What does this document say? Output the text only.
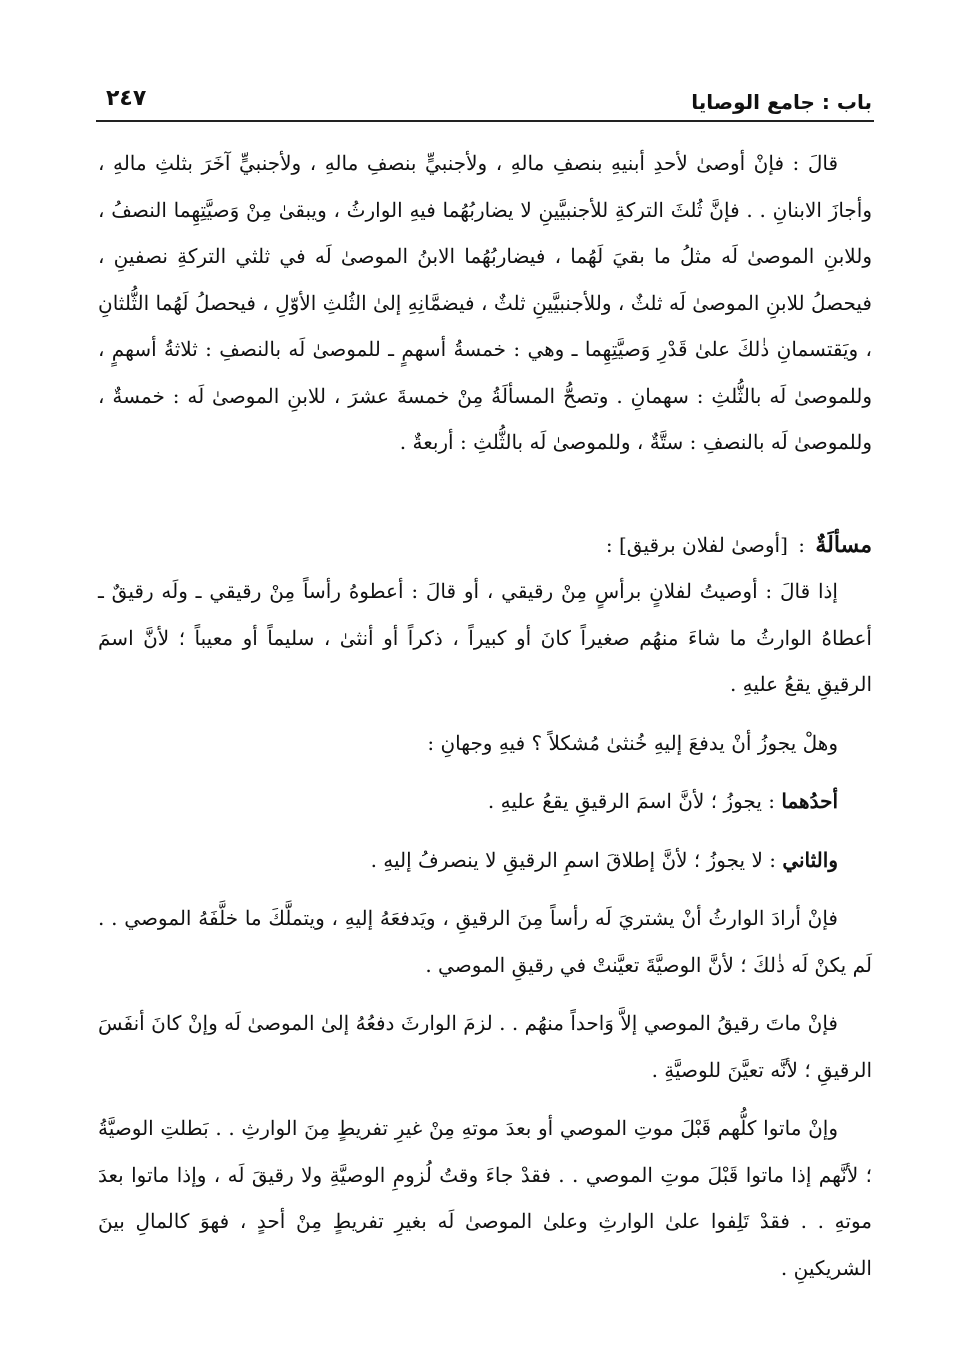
باب : جامع الوصايا
٢٤٧

قالَ : فإنْ أوصىٰ لأحدِ أبنيهِ بنصفِ مالهِ ، ولأجنبيٍّ بنصفِ مالهِ ، ولأجنبيٍّ آخَرَ بثلثِ مالهِ ، وأجازَ الابنانِ . . فإنَّ ثُلثَ التركةِ للأجنبيَّينِ لا يضاربُهُما فيهِ الوارثُ ، ويبقىٰ مِنْ وَصيَّتِهِما النصفُ ، وللابنِ الموصىٰ لَه مثلُ ما بقيَ لَهُما ، فيضاربُهُما الابنُ الموصىٰ لَه في ثلثي التركةِ نصفينِ ، فيحصلُ للابنِ الموصىٰ لَه ثلثٌ ، وللأجنبيَّينِ ثلثٌ ، فيضمَّانِهِ إلىٰ الثُلثِ الأوّلِ ، فيحصلُ لَهُما الثُّلثانِ ، ويَقتسمانِ ذٰلكَ علىٰ قَدْرِ وَصيَّتِهِما ـ وهي : خمسةُ أسهمٍ ـ للموصىٰ لَه بالنصفِ : ثلاثةُ أسهمٍ ، وللموصىٰ لَه بالثُّلثِ : سهمانِ . وتصحُّ المسألَةُ مِنْ خمسةَ عشرَ ، للابنِ الموصىٰ لَه : خمسةٌ ، وللموصىٰ لَه بالنصفِ : ستَّةٌ ، وللموصىٰ لَه بالثُّلثِ : أربعةٌ .

مسألَةٌ : [أوصىٰ لفلان برقيق] :

إذا قالَ : أوصيتُ لفلانٍ برأسٍ مِنْ رقيقي ، أو قالَ : أعطوهُ رأساً مِنْ رقيقي ـ ولَه رقيقٌ ـ أعطاهُ الوارثُ ما شاءَ منهُم صغيراً كانَ أو كبيراً ، ذكراً أو أنثىٰ ، سليماً أو معيباً ؛ لأنَّ اسمَ الرقيقِ يقعُ عليهِ .

وهلْ يجوزُ أنْ يدفعَ إليهِ خُنثىٰ مُشكلاً ؟ فيهِ وجهانِ :

أحدُهما : يجوزُ ؛ لأنَّ اسمَ الرقيقِ يقعُ عليهِ .

والثاني : لا يجوزُ ؛ لأنَّ إطلاقَ اسمِ الرقيقِ لا ينصرفُ إليهِ .

فإنْ أرادَ الوارثُ أنْ يشتريَ لَه رأساً مِنَ الرقيقِ ، ويَدفعَهُ إليهِ ، ويتملَّكَ ما خلَّفَهُ الموصي . . لَم يكنْ لَه ذٰلكَ ؛ لأنَّ الوصيَّةَ تعيَّنتْ في رقيقِ الموصي .

فإنْ ماتَ رقيقُ الموصي إلاَّ وَاحداً منهُم . . لزمَ الوارثَ دفعُهُ إلىٰ الموصىٰ لَه وإنْ كانَ أنفَسَ الرقيقِ ؛ لأنَّه تعيَّنَ للوصيَّةِ .

وإنْ ماتوا كلُّهم قَبْلَ موتِ الموصي أو بعدَ موتهِ مِنْ غيرِ تفريطٍ مِنَ الوارثِ . . بَطلتِ الوصيَّةُ ؛ لأنَّهم إذا ماتوا قَبْلَ موتِ الموصي . . فقدْ جاءَ وقتُ لُزومِ الوصيَّةِ ولا رقيقَ لَه ، وإذا ماتوا بعدَ موتهِ . . فقدْ تَلِفوا علىٰ الوارثِ وعلىٰ الموصىٰ لَه بغيرِ تفريطٍ مِنْ أحدٍ ، فهوَ كالمالِ بينَ الشريكينِ .
